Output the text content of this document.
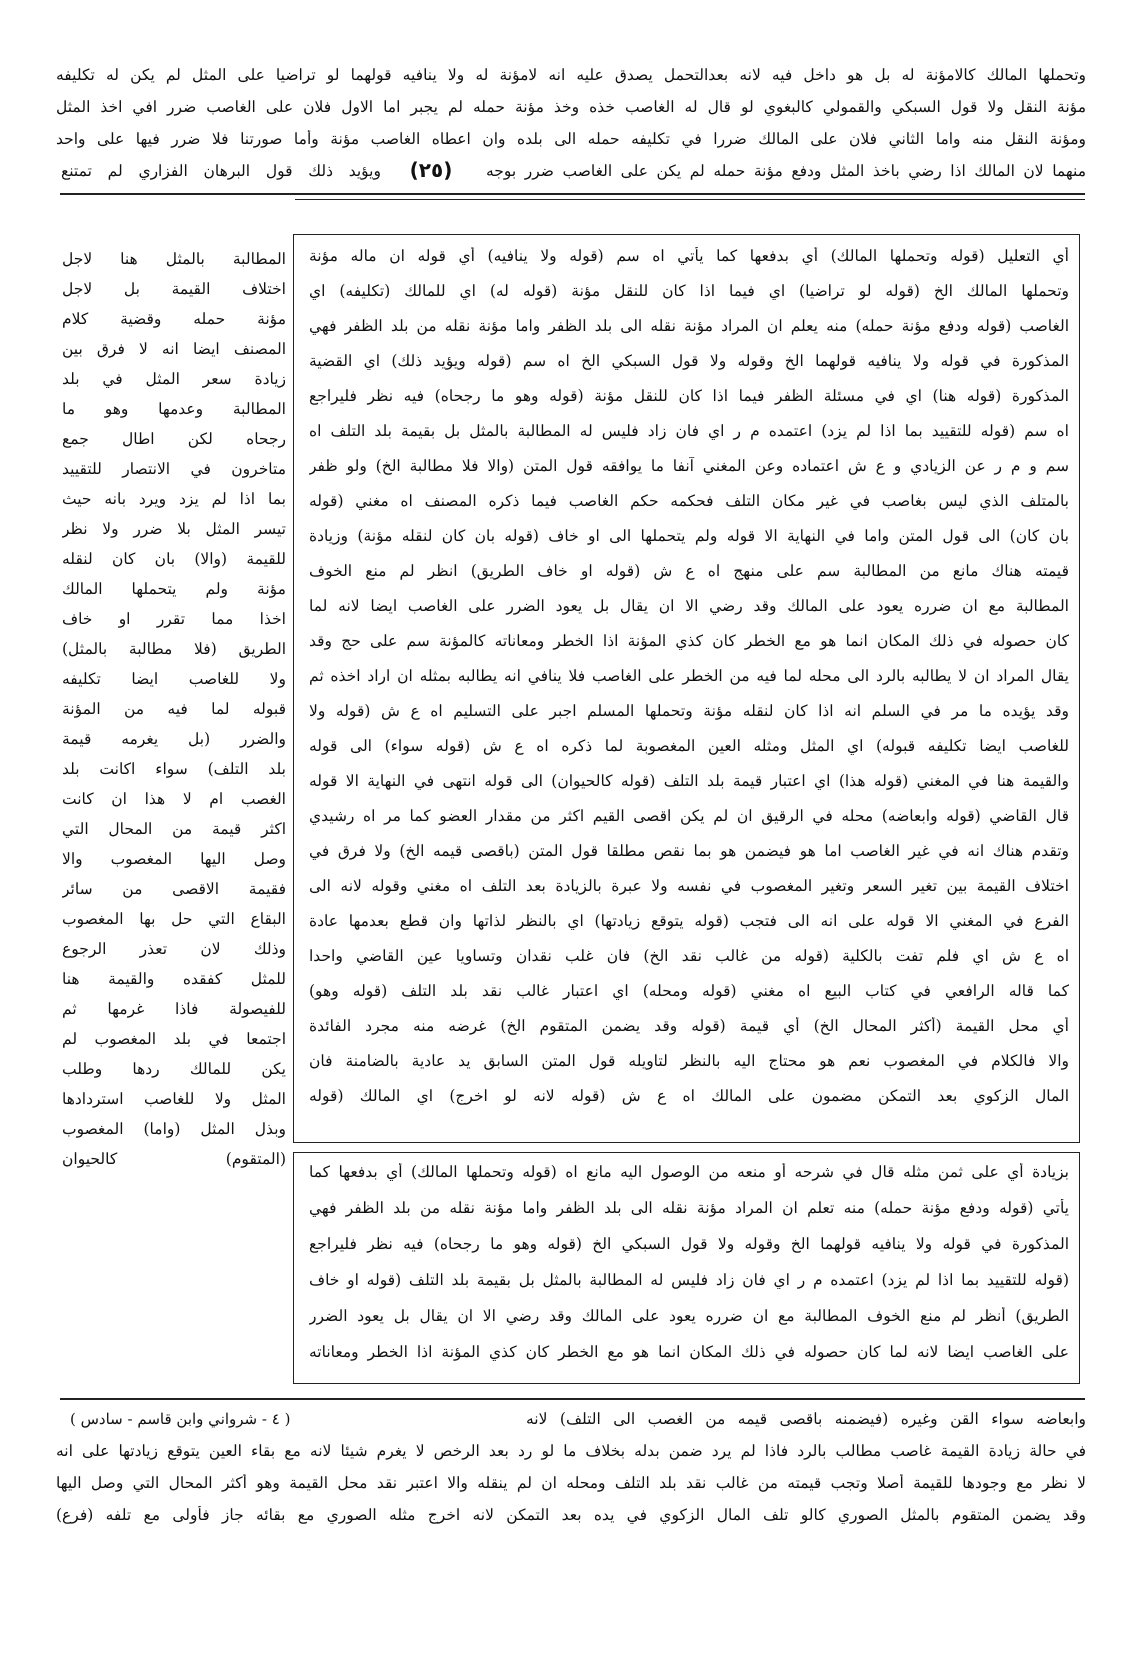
وتحملها المالك كالامؤنة له بل هو داخل فيه لانه بعدالتحمل يصدق عليه انه لامؤنة له ولا ينافيه قولهما لو تراضيا على المثل لم يكن له تكليفه
مؤنة النقل ولا قول السبكي والقمولي كالبغوي لو قال له الغاصب خذه وخذ مؤنة حمله لم يجبر اما الاول فلان على الغاصب ضرر افي اخذ المثل
ومؤنة النقل منه واما الثاني فلان على المالك ضررا في تكليفه حمله الى بلده وان اعطاه الغاصب مؤنة وأما صورتنا فلا ضرر فيها على واحد
منهما لان المالك اذا رضي باخذ المثل ودفع مؤنة حمله لم يكن على الغاصب ضرر بوجه
(٢٥)
ويؤيد ذلك قول البرهان الفزاري لم تمتنع
المطالبة بالمثل هنا لاجل
اختلاف القيمة بل لاجل
مؤنة حمله وقضية كلام
المصنف ايضا انه لا فرق بين
زيادة سعر المثل في بلد
المطالبة وعدمها وهو ما
رجحاه لكن اطال جمع
متاخرون في الانتصار للتقييد
بما اذا لم يزد ويرد بانه حيث
تيسر المثل بلا ضرر ولا نظر
للقيمة (والا) بان كان لنقله
مؤنة ولم يتحملها المالك
اخذا مما تقرر او خاف
الطريق (فلا مطالبة بالمثل)
ولا للغاصب ايضا تكليفه
قبوله لما فيه من المؤنة
والضرر (بل يغرمه قيمة
بلد التلف) سواء اكانت بلد
الغصب ام لا هذا ان كانت
اكثر قيمة من المحال التي
وصل اليها المغصوب والا
فقيمة الاقصى من سائر
البقاع التي حل بها المغصوب
وذلك لان تعذر الرجوع
للمثل كفقده والقيمة هنا
للفيصولة فاذا غرمها ثم
اجتمعا في بلد المغصوب لم
يكن للمالك ردها وطلب
المثل ولا للغاصب استردادها
وبذل المثل (واما) المغصوب
(المتقوم) كالحيوان
أي التعليل (قوله وتحملها المالك) أي بدفعها كما يأتي اه سم (قوله ولا ينافيه) أي قوله ان ماله مؤنة
وتحملها المالك الخ (قوله لو تراضيا) اي فيما اذا كان للنقل مؤنة (قوله له) اي للمالك (تكليفه) اي
الغاصب (قوله ودفع مؤنة حمله) منه يعلم ان المراد مؤنة نقله الى بلد الظفر واما مؤنة نقله من بلد الظفر فهي
المذكورة في قوله ولا ينافيه قولهما الخ وقوله ولا قول السبكي الخ اه سم (قوله ويؤيد ذلك) اي القضية
المذكورة (قوله هنا) اي في مسئلة الظفر فيما اذا كان للنقل مؤنة (قوله وهو ما رجحاه) فيه نظر فليراجع
اه سم (قوله للتقييد بما اذا لم يزد) اعتمده م ر اي فان زاد فليس له المطالبة بالمثل بل بقيمة بلد التلف اه
سم و م ر عن الزيادي و ع ش اعتماده وعن المغني آنفا ما يوافقه قول المتن (والا فلا مطالبة الخ) ولو ظفر
بالمتلف الذي ليس بغاصب في غير مكان التلف فحكمه حكم الغاصب فيما ذكره المصنف اه مغني (قوله
بان كان) الى قول المتن واما في النهاية الا قوله ولم يتحملها الى او خاف (قوله بان كان لنقله مؤنة) وزيادة
قيمته هناك مانع من المطالبة سم على منهج اه ع ش (قوله او خاف الطريق) انظر لم منع الخوف
المطالبة مع ان ضرره يعود على المالك وقد رضي الا ان يقال بل يعود الضرر على الغاصب ايضا لانه لما
كان حصوله في ذلك المكان انما هو مع الخطر كان كذي المؤنة اذا الخطر ومعاناته كالمؤنة سم على حج وقد
يقال المراد ان لا يطالبه بالرد الى محله لما فيه من الخطر على الغاصب فلا ينافي انه يطالبه بمثله ان اراد اخذه ثم
وقد يؤيده ما مر في السلم انه اذا كان لنقله مؤنة وتحملها المسلم اجبر على التسليم اه ع ش (قوله ولا
للغاصب ايضا تكليفه قبوله) اي المثل ومثله العين المغصوبة لما ذكره اه ع ش (قوله سواء) الى قوله
والقيمة هنا في المغني (قوله هذا) اي اعتبار قيمة بلد التلف (قوله كالحيوان) الى قوله انتهى في النهاية الا قوله
قال القاضي (قوله وابعاضه) محله في الرقيق ان لم يكن اقصى القيم اكثر من مقدار العضو كما مر اه رشيدي
وتقدم هناك انه في غير الغاصب اما هو فيضمن هو بما نقص مطلقا قول المتن (باقصى قيمه الخ) ولا فرق في
اختلاف القيمة بين تغير السعر وتغير المغصوب في نفسه ولا عبرة بالزيادة بعد التلف اه مغني وقوله لانه الى
الفرع في المغني الا قوله على انه الى فتجب (قوله يتوقع زيادتها) اي بالنظر لذاتها وان قطع بعدمها عادة
اه ع ش اي فلم تفت بالكلية (قوله من غالب نقد الخ) فان غلب نقدان وتساويا عين القاضي واحدا
كما قاله الرافعي في كتاب البيع اه مغني (قوله ومحله) اي اعتبار غالب نقد بلد التلف (قوله وهو)
أي محل القيمة (أكثر المحال الخ) أي قيمة (قوله وقد يضمن المتقوم الخ) غرضه منه مجرد الفائدة
والا فالكلام في المغصوب نعم هو محتاج اليه بالنظر لتاويله قول المتن السابق يد عادية بالضامنة فان
المال الزكوي بعد التمكن مضمون على المالك اه ع ش (قوله لانه لو اخرج) اي المالك (قوله
بزيادة أي على ثمن مثله قال في شرحه أو منعه من الوصول اليه مانع اه (قوله وتحملها المالك) أي بدفعها كما
يأتي (قوله ودفع مؤنة حمله) منه تعلم ان المراد مؤنة نقله الى بلد الظفر واما مؤنة نقله من بلد الظفر فهي
المذكورة في قوله ولا ينافيه قولهما الخ وقوله ولا قول السبكي الخ (قوله وهو ما رجحاه) فيه نظر فليراجع
(قوله للتقييد بما اذا لم يزد) اعتمده م ر اي فان زاد فليس له المطالبة بالمثل بل بقيمة بلد التلف (قوله او خاف
الطريق) أنظر لم منع الخوف المطالبة مع ان ضرره يعود على المالك وقد رضي الا ان يقال بل يعود الضرر
على الغاصب ايضا لانه لما كان حصوله في ذلك المكان انما هو مع الخطر كان كذي المؤنة اذا الخطر ومعاناته
( ٤ - شرواني وابن قاسم - سادس )	وابعاضه سواء القن وغيره (فيضمنه باقصى قيمه من الغصب الى التلف) لانه
في حالة زيادة القيمة غاصب مطالب بالرد فاذا لم يرد ضمن بدله بخلاف ما لو رد بعد الرخص لا يغرم شيئا لانه مع بقاء العين يتوقع زيادتها على انه
لا نظر مع وجودها للقيمة أصلا وتجب قيمته من غالب نقد بلد التلف ومحله ان لم ينقله والا اعتبر نقد محل القيمة وهو أكثر المحال التي وصل اليها
وقد يضمن المتقوم بالمثل الصوري كالو تلف المال الزكوي في يده بعد التمكن لانه اخرج مثله الصوري مع بقائه جاز فأولى مع تلفه (فرع)
